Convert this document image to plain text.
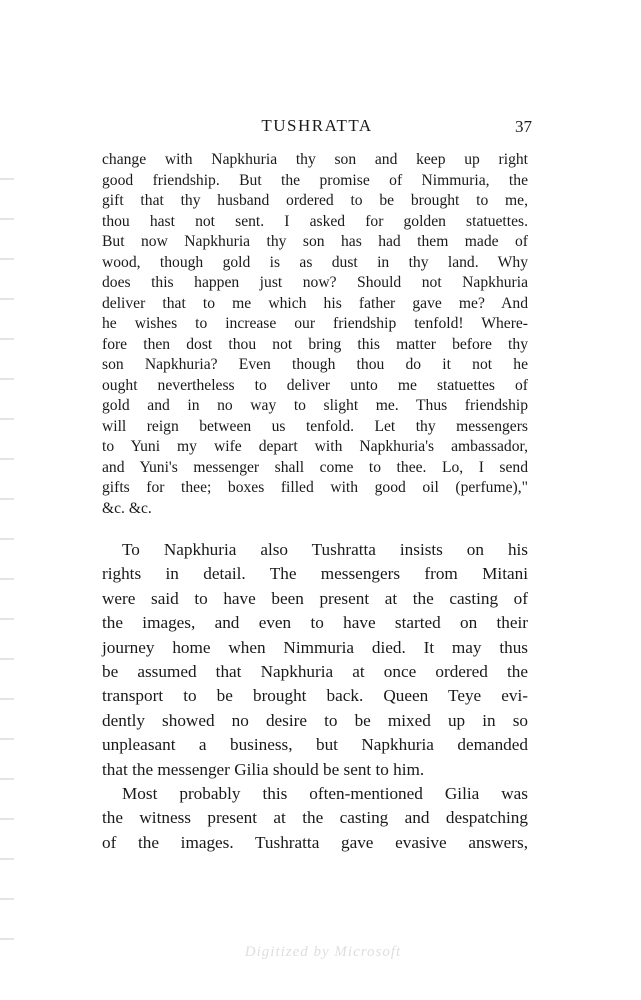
TUSHRATTA	37
change with Napkhuria thy son and keep up right
good friendship. But the promise of Nimmuria, the
gift that thy husband ordered to be brought to me,
thou hast not sent. I asked for golden statuettes.
But now Napkhuria thy son has had them made of
wood, though gold is as dust in thy land. Why
does this happen just now? Should not Napkhuria
deliver that to me which his father gave me? And
he wishes to increase our friendship tenfold! Where-
fore then dost thou not bring this matter before thy
son Napkhuria? Even though thou do it not he
ought nevertheless to deliver unto me statuettes of
gold and in no way to slight me. Thus friendship
will reign between us tenfold. Let thy messengers
to Yuni my wife depart with Napkhuria's ambassador,
and Yuni's messenger shall come to thee. Lo, I send
gifts for thee; boxes filled with good oil (perfume),"
&c. &c.
To Napkhuria also Tushratta insists on his
rights in detail. The messengers from Mitani
were said to have been present at the casting of
the images, and even to have started on their
journey home when Nimmuria died. It may thus
be assumed that Napkhuria at once ordered the
transport to be brought back. Queen Teye evi-
dently showed no desire to be mixed up in so
unpleasant a business, but Napkhuria demanded
that the messenger Gilia should be sent to him.
Most probably this often-mentioned Gilia was
the witness present at the casting and despatching
of the images. Tushratta gave evasive answers,
Digitized by Microsoft
